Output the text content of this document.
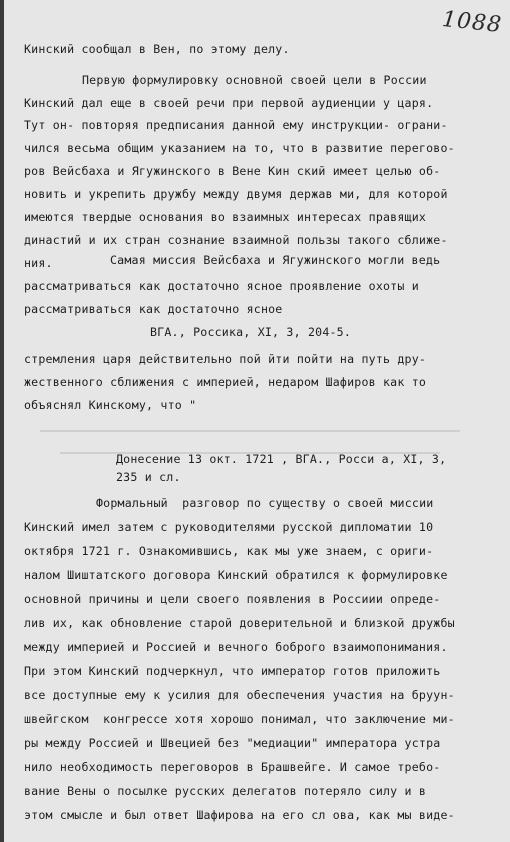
1088
Кинский сообщал в Вен, по этому делу.
Первую формулировку основной своей цели в России
Кинский дал еще в своей речи при первой аудиенции у царя.
Тут он- повторяя предписания данной ему инструкции- ограни-
чился весьма общим указанием на то, что в развитие перегово-
ров Вейсбаха и Ягужинского в Вене Кин ский имеет целью об-
новить и укрепить дружбу между двумя держав ми, для которой
имеются твердые основания во взаимных интересах правящих
династий и их стран сознание взаимной пользы такого сближе-
ния.	Самая миссия Вейсбаха и Ягужинского могли ведь
рассматриваться как достаточно ясное проявление охоты и
рассматриваться как достаточно ясное
ВГА., Россика, XI, 3, 204-5.
стремления царя действительно пой йти пойти на путь дру-
жественного сближения с империей, недаром Шафиров как то
объяснял Кинскому, что "
Донесение 13 окт. 1721 , ВГА., Росси а, XI, 3,
235 и сл.
Формальный  разговор по существу о своей миссии
Кинский имел затем с руководителями русской дипломатии 10
октября 1721 г. Ознакомившись, как мы уже знаем, с ориги-
налом Шиштатского договора Кинский обратился к формулировке
основной причины и цели своего появления в Россиии опреде-
лив их, как обновление старой доверительной и близкой дружбы
между империей и Россией и вечного боброго взаимопонимания.
При этом Кинский подчеркнул, что император готов приложить
все доступные ему к усилия для обеспечения участия на бруун-
швейгском  конгрессе хотя хорошо понимал, что заключение ми-
ры между Россией и Швецией без "медиации" императора устра
нило необходимость переговоров в Брашвейге. И самое требо-
вание Вены о посылке русских делегатов потеряло силу и в
этом смысле и был ответ Шафирова на его сл ова, как мы виде-
